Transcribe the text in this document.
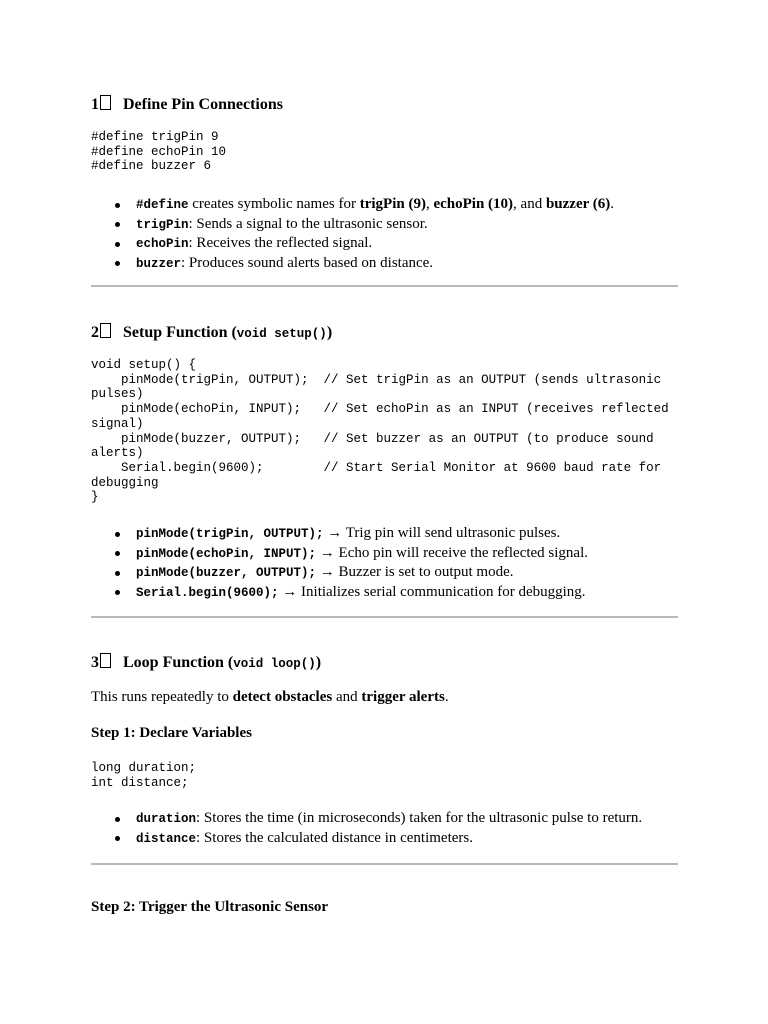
1 Define Pin Connections
#define trigPin 9
#define echoPin 10
#define buzzer 6
#define creates symbolic names for trigPin (9), echoPin (10), and buzzer (6).
trigPin: Sends a signal to the ultrasonic sensor.
echoPin: Receives the reflected signal.
buzzer: Produces sound alerts based on distance.
2 Setup Function ( void setup() )
void setup() {
pinMode(trigPin, OUTPUT);  // Set trigPin as an OUTPUT (sends ultrasonic pulses)
pinMode(echoPin, INPUT);   // Set echoPin as an INPUT (receives reflected signal)
pinMode(buzzer, OUTPUT);   // Set buzzer as an OUTPUT (to produce sound alerts)
Serial.begin(9600);        // Start Serial Monitor at 9600 baud rate for debugging
}
pinMode(trigPin, OUTPUT); → Trig pin will send ultrasonic pulses.
pinMode(echoPin, INPUT); → Echo pin will receive the reflected signal.
pinMode(buzzer, OUTPUT); → Buzzer is set to output mode.
Serial.begin(9600); → Initializes serial communication for debugging.
3 Loop Function ( void loop() )

This runs repeatedly to detect obstacles and trigger alerts.

Step 1: Declare Variables

long duration;
int distance;
duration: Stores the time (in microseconds) taken for the ultrasonic pulse to return.
distance: Stores the calculated distance in centimeters.

Step 2: Trigger the Ultrasonic Sensor
